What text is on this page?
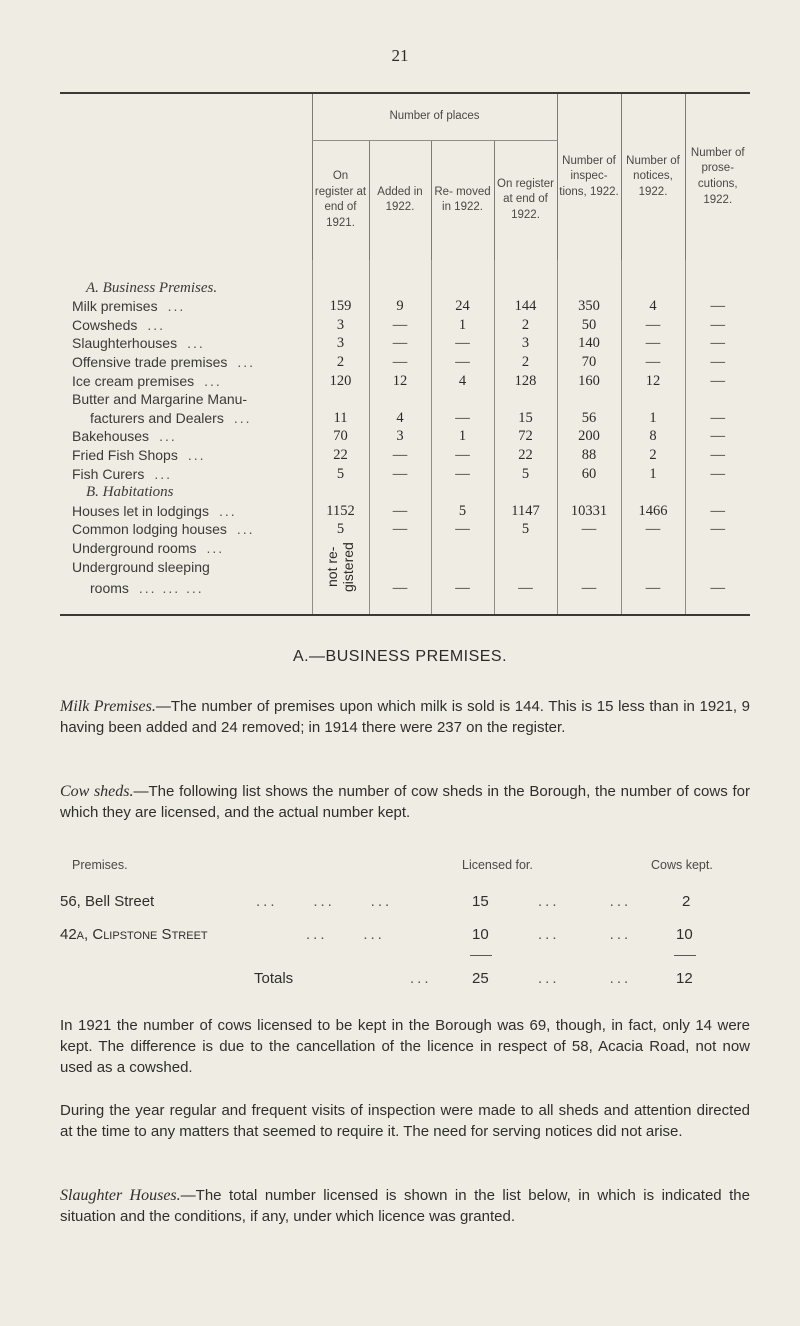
21

	Number of places				Number of inspec- tions, 1922.	Number of notices, 1922.	Number of prose- cutions, 1922.
	On register at end of 1921.	Added in 1922.	Re- moved in 1922.	On register at end of 1922.			

A. Business Premises.							
Milk premises ...	159	9	24	144	350	4	—
Cowsheds ...	3	—	1	2	50	—	—
Slaughterhouses ...	3	—	—	3	140	—	—
Offensive trade premises ...	2	—	—	2	70	—	—
Ice cream premises ...	120	12	4	128	160	12	—
Butter and Margarine Manu-							
facturers and Dealers ...	11	4	—	15	56	1	—
Bakehouses ...	70	3	1	72	200	8	—
Fried Fish Shops ...	22	—	—	22	88	2	—
Fish Curers ...	5	—	—	5	60	1	—
B. Habitations							
Houses let in lodgings ...	1152	—	5	1147	10331	1466	—
Common lodging houses ...	5	—	—	5	—	—	—
Underground rooms ...	not re- gistered						
Underground sleeping							
rooms ... ... ...		—	—	—	—	—	—

A.—BUSINESS PREMISES.
Milk Premises.—The number of premises upon which milk is sold is 144. This is 15 less than in 1921, 9 having been added and 24 removed; in 1914 there were 237 on the register.
Cow sheds.—The following list shows the number of cow sheds in the Borough, the number of cows for which they are licensed, and the actual number kept.
Premises.	Licensed for.	Cows kept.
56, Bell Street	...     ...     ...	15	...       ...	2
42a, Clipstone Street	...     ...	10	...       ...	10
Totals	...	25	...       ...	12
In 1921 the number of cows licensed to be kept in the Borough was 69, though, in fact, only 14 were kept. The difference is due to the cancellation of the licence in respect of 58, Acacia Road, not now used as a cowshed.
During the year regular and frequent visits of inspection were made to all sheds and attention directed at the time to any matters that seemed to require it. The need for serving notices did not arise.
Slaughter Houses.—The total number licensed is shown in the list below, in which is indicated the situation and the conditions, if any, under which licence was granted.
